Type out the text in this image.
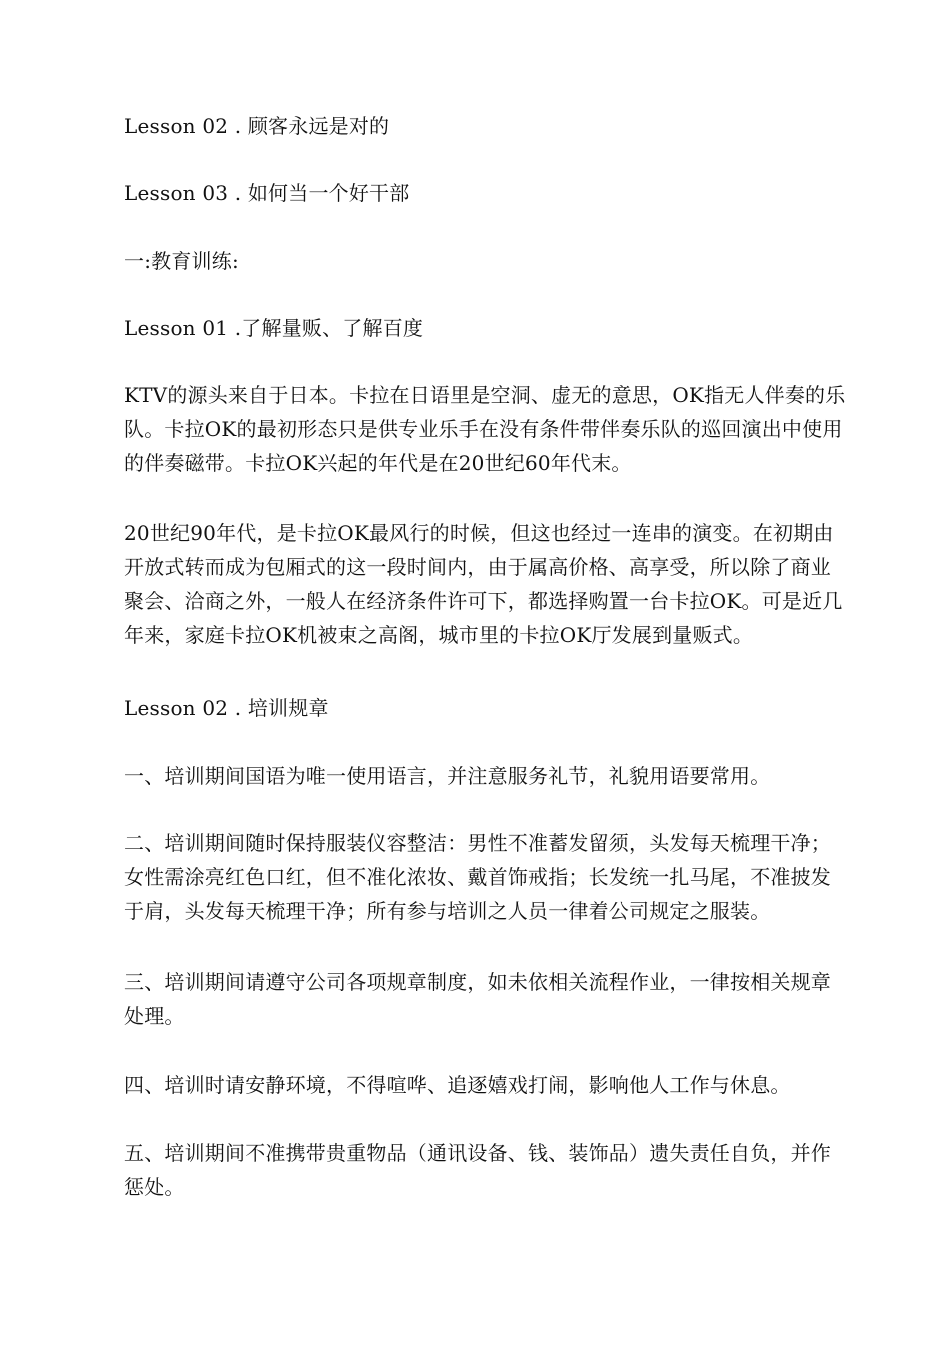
Lesson 02 . 顾客永远是对的

Lesson 03 . 如何当一个好干部

一:教育训练:

Lesson 01 .了解量贩、了解百度

KTV的源头来自于日本。卡拉在日语里是空洞、虚无的意思，OK指无人伴奏的乐队。卡拉OK的最初形态只是供专业乐手在没有条件带伴奏乐队的巡回演出中使用的伴奏磁带。卡拉OK兴起的年代是在20世纪60年代末。

20世纪90年代，是卡拉OK最风行的时候，但这也经过一连串的演变。在初期由开放式转而成为包厢式的这一段时间内，由于属高价格、高享受，所以除了商业聚会、洽商之外，一般人在经济条件许可下，都选择购置一台卡拉OK。可是近几年来，家庭卡拉OK机被束之高阁，城市里的卡拉OK厅发展到量贩式。

Lesson 02 . 培训规章

一、培训期间国语为唯一使用语言，并注意服务礼节，礼貌用语要常用。

二、培训期间随时保持服装仪容整洁：男性不准蓄发留须，头发每天梳理干净；女性需涂亮红色口红，但不准化浓妆、戴首饰戒指；长发统一扎马尾，不准披发于肩，头发每天梳理干净；所有参与培训之人员一律着公司规定之服装。

三、培训期间请遵守公司各项规章制度，如未依相关流程作业，一律按相关规章处理。

四、培训时请安静环境，不得喧哗、追逐嬉戏打闹，影响他人工作与休息。

五、培训期间不准携带贵重物品（通讯设备、钱、装饰品）遗失责任自负，并作惩处。
